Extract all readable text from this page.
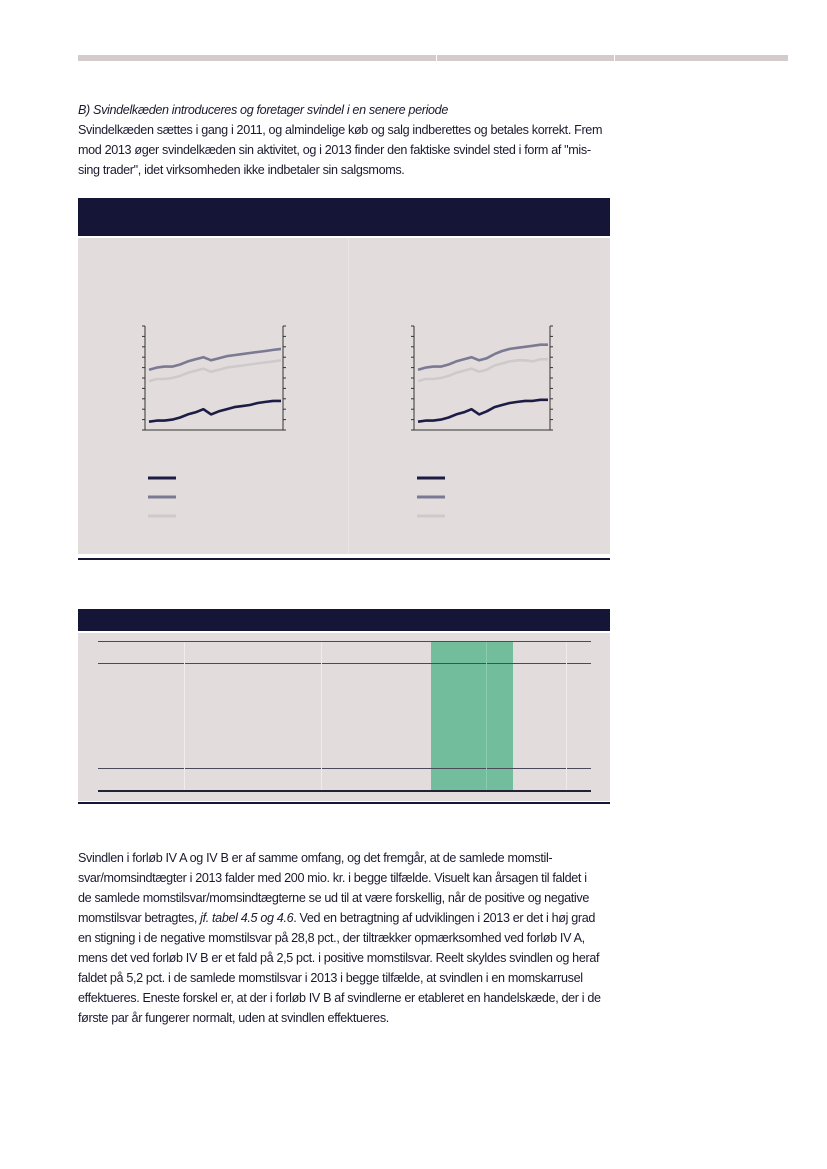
B) Svindelkæden introduceres og foretager svindel i en senere periode
Svindelkæden sættes i gang i 2011, og almindelige køb og salg indberettes og betales korrekt. Frem
mod 2013 øger svindelkæden sin aktivitet, og i 2013 finder den faktiske svindel sted i form af "mis-
sing trader", idet virksomheden ikke indbetaler sin salgsmoms.
Svindlen i forløb IV A og IV B er af samme omfang, og det fremgår, at de samlede momstil-
svar/momsindtægter i 2013 falder med 200 mio. kr. i begge tilfælde. Visuelt kan årsagen til faldet i
de samlede momstilsvar/momsindtægterne se ud til at være forskellig, når de positive og negative
momstilsvar betragtes, jf. tabel 4.5 og 4.6. Ved en betragtning af udviklingen i 2013 er det i høj grad
en stigning i de negative momstilsvar på 28,8 pct., der tiltrækker opmærksomhed ved forløb IV A,
mens det ved forløb IV B er et fald på 2,5 pct. i positive momstilsvar. Reelt skyldes svindlen og heraf
faldet på 5,2 pct. i de samlede momstilsvar i 2013 i begge tilfælde, at svindlen i en momskarrusel
effektueres. Eneste forskel er, at der i forløb IV B af svindlerne er etableret en handelskæde, der i de
første par år fungerer normalt, uden at svindlen effektueres.
